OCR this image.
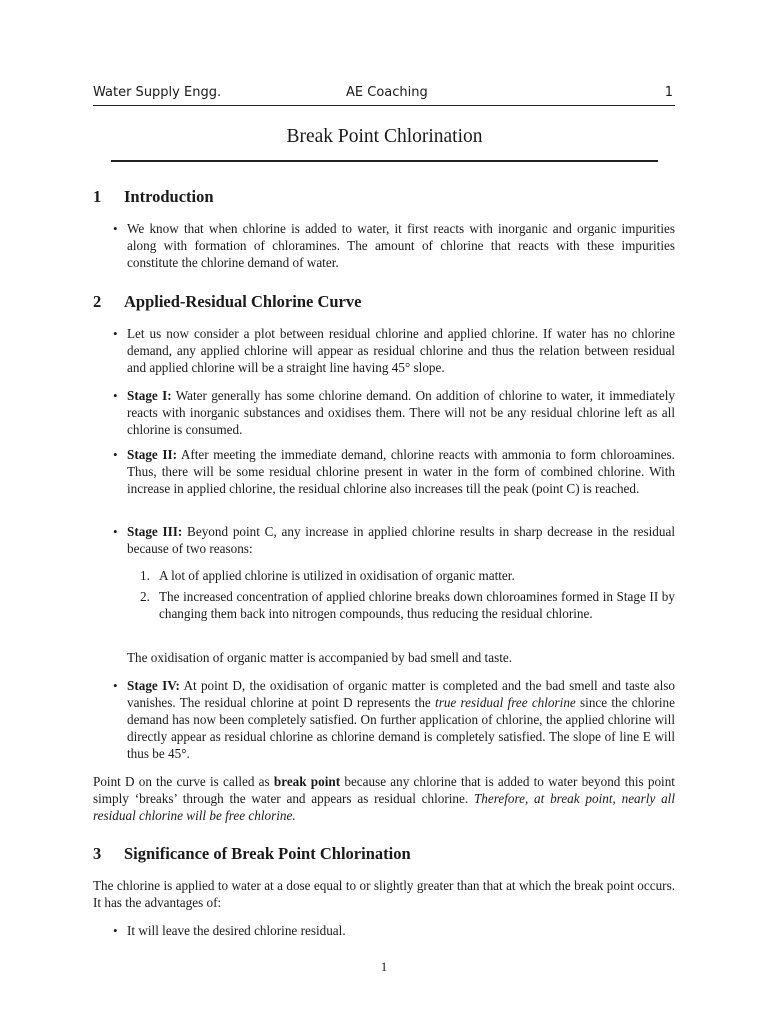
Water Supply Engg.	AE Coaching	1
Break Point Chlorination
1 Introduction
• We know that when chlorine is added to water, it first reacts with inorganic and organic impurities along with formation of chloramines. The amount of chlorine that reacts with these impurities constitute the chlorine demand of water.
2 Applied-Residual Chlorine Curve
• Let us now consider a plot between residual chlorine and applied chlorine. If water has no chlorine demand, any applied chlorine will appear as residual chlorine and thus the relation between residual and applied chlorine will be a straight line having 45° slope.
• Stage I: Water generally has some chlorine demand. On addition of chlorine to water, it immediately reacts with inorganic substances and oxidises them. There will not be any residual chlorine left as all chlorine is consumed.
• Stage II: After meeting the immediate demand, chlorine reacts with ammonia to form chloroamines. Thus, there will be some residual chlorine present in water in the form of combined chlorine. With increase in applied chlorine, the residual chlorine also increases till the peak (point C) is reached.
• Stage III: Beyond point C, any increase in applied chlorine results in sharp decrease in the residual because of two reasons:
1. A lot of applied chlorine is utilized in oxidisation of organic matter.
2. The increased concentration of applied chlorine breaks down chloroamines formed in Stage II by changing them back into nitrogen compounds, thus reducing the residual chlorine.
The oxidisation of organic matter is accompanied by bad smell and taste.
• Stage IV: At point D, the oxidisation of organic matter is completed and the bad smell and taste also vanishes. The residual chlorine at point D represents the true residual free chlorine since the chlorine demand has now been completely satisfied. On further application of chlorine, the applied chlorine will directly appear as residual chlorine as chlorine demand is completely satisfied. The slope of line E will thus be 45°.
Point D on the curve is called as break point because any chlorine that is added to water beyond this point simply ‘breaks’ through the water and appears as residual chlorine. Therefore, at break point, nearly all residual chlorine will be free chlorine.
3 Significance of Break Point Chlorination
The chlorine is applied to water at a dose equal to or slightly greater than that at which the break point occurs. It has the advantages of:
• It will leave the desired chlorine residual.
1
